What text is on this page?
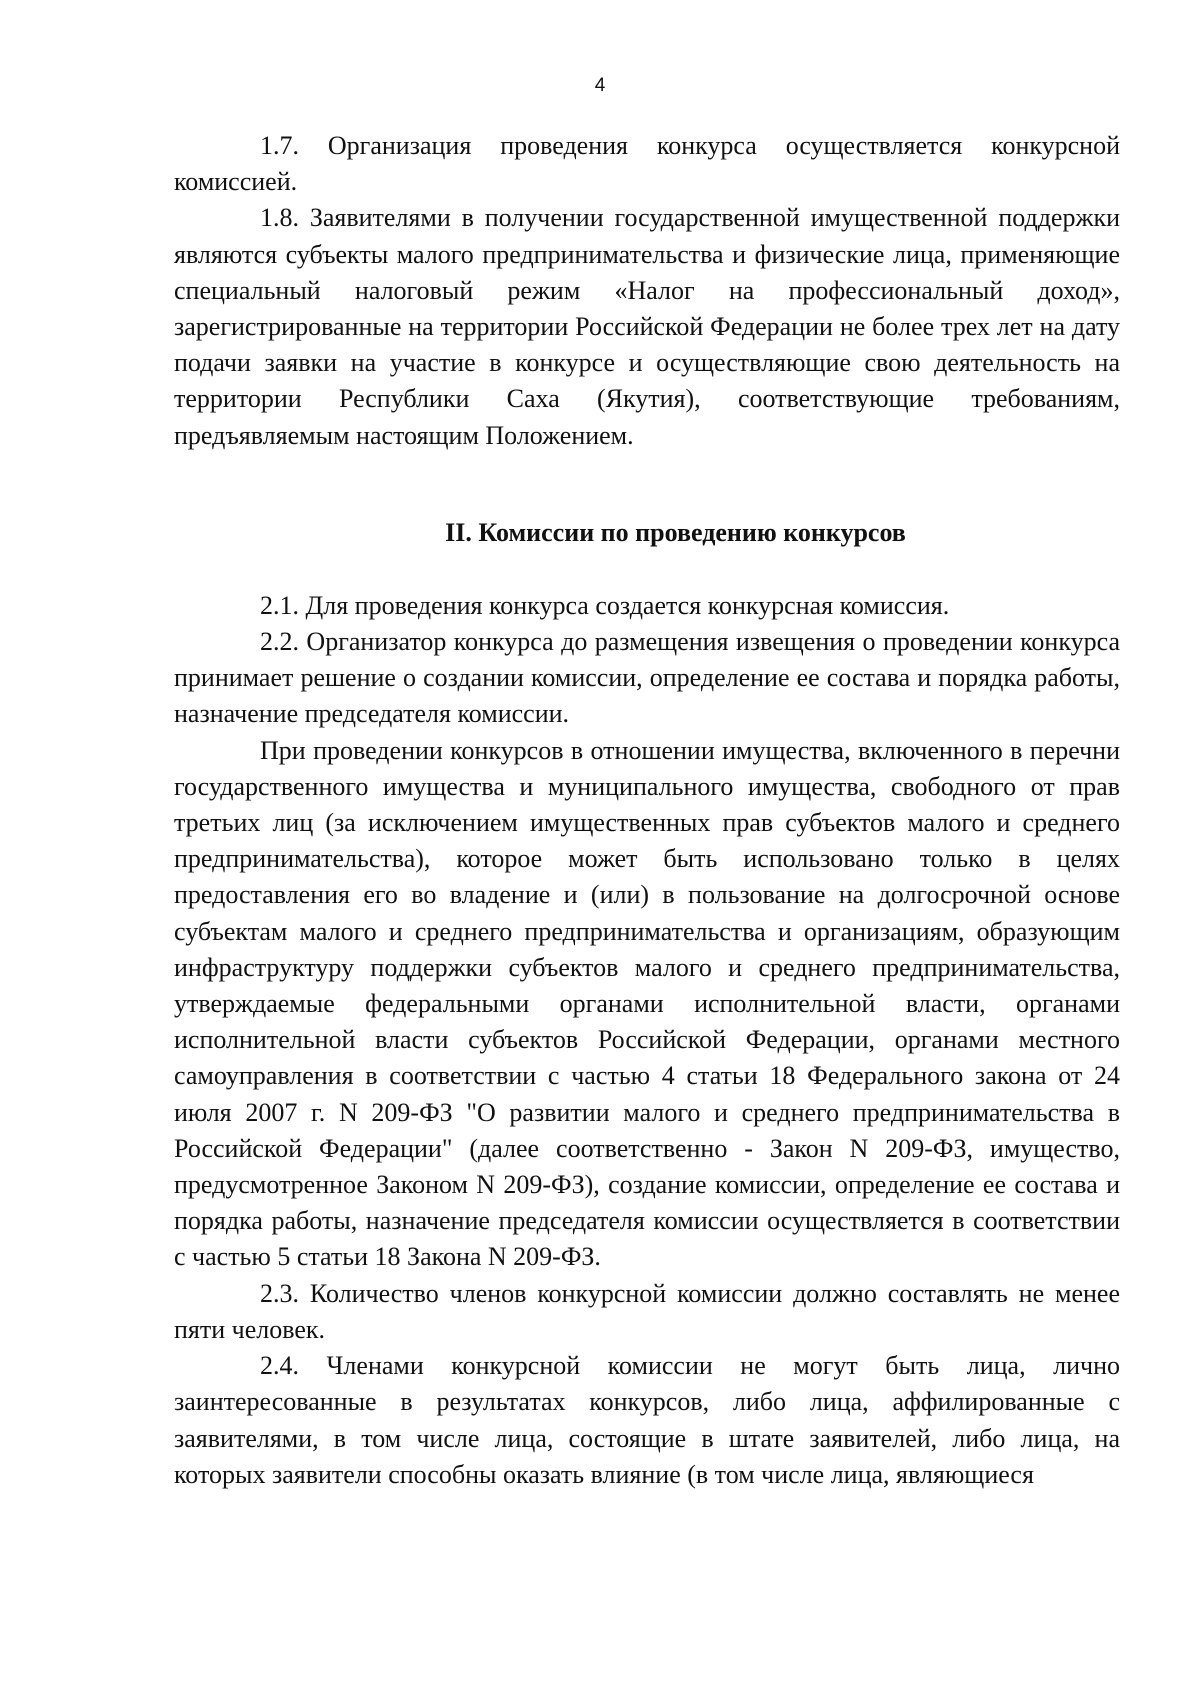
4

1.7. Организация проведения конкурса осуществляется конкурсной комиссией.

1.8. Заявителями в получении государственной имущественной поддержки являются субъекты малого предпринимательства и физические лица, применяющие специальный налоговый режим «Налог на профессиональный доход», зарегистрированные на территории Российской Федерации не более трех лет на дату подачи заявки на участие в конкурсе и осуществляющие свою деятельность на территории Республики Саха (Якутия), соответствующие требованиям, предъявляемым настоящим Положением.

II. Комиссии по проведению конкурсов

2.1. Для проведения конкурса создается конкурсная комиссия.

2.2. Организатор конкурса до размещения извещения о проведении конкурса принимает решение о создании комиссии, определение ее состава и порядка работы, назначение председателя комиссии.

При проведении конкурсов в отношении имущества, включенного в перечни государственного имущества и муниципального имущества, свободного от прав третьих лиц (за исключением имущественных прав субъектов малого и среднего предпринимательства), которое может быть использовано только в целях предоставления его во владение и (или) в пользование на долгосрочной основе субъектам малого и среднего предпринимательства и организациям, образующим инфраструктуру поддержки субъектов малого и среднего предпринимательства, утверждаемые федеральными органами исполнительной власти, органами исполнительной власти субъектов Российской Федерации, органами местного самоуправления в соответствии с частью 4 статьи 18 Федерального закона от 24 июля 2007 г. N 209-ФЗ "О развитии малого и среднего предпринимательства в Российской Федерации" (далее соответственно - Закон N 209-ФЗ, имущество, предусмотренное Законом N 209-ФЗ), создание комиссии, определение ее состава и порядка работы, назначение председателя комиссии осуществляется в соответствии с частью 5 статьи 18 Закона N 209-ФЗ.

2.3. Количество членов конкурсной комиссии должно составлять не менее пяти человек.

2.4. Членами конкурсной комиссии не могут быть лица, лично заинтересованные в результатах конкурсов, либо лица, аффилированные с заявителями, в том числе лица, состоящие в штате заявителей, либо лица, на которых заявители способны оказать влияние (в том числе лица, являющиеся
